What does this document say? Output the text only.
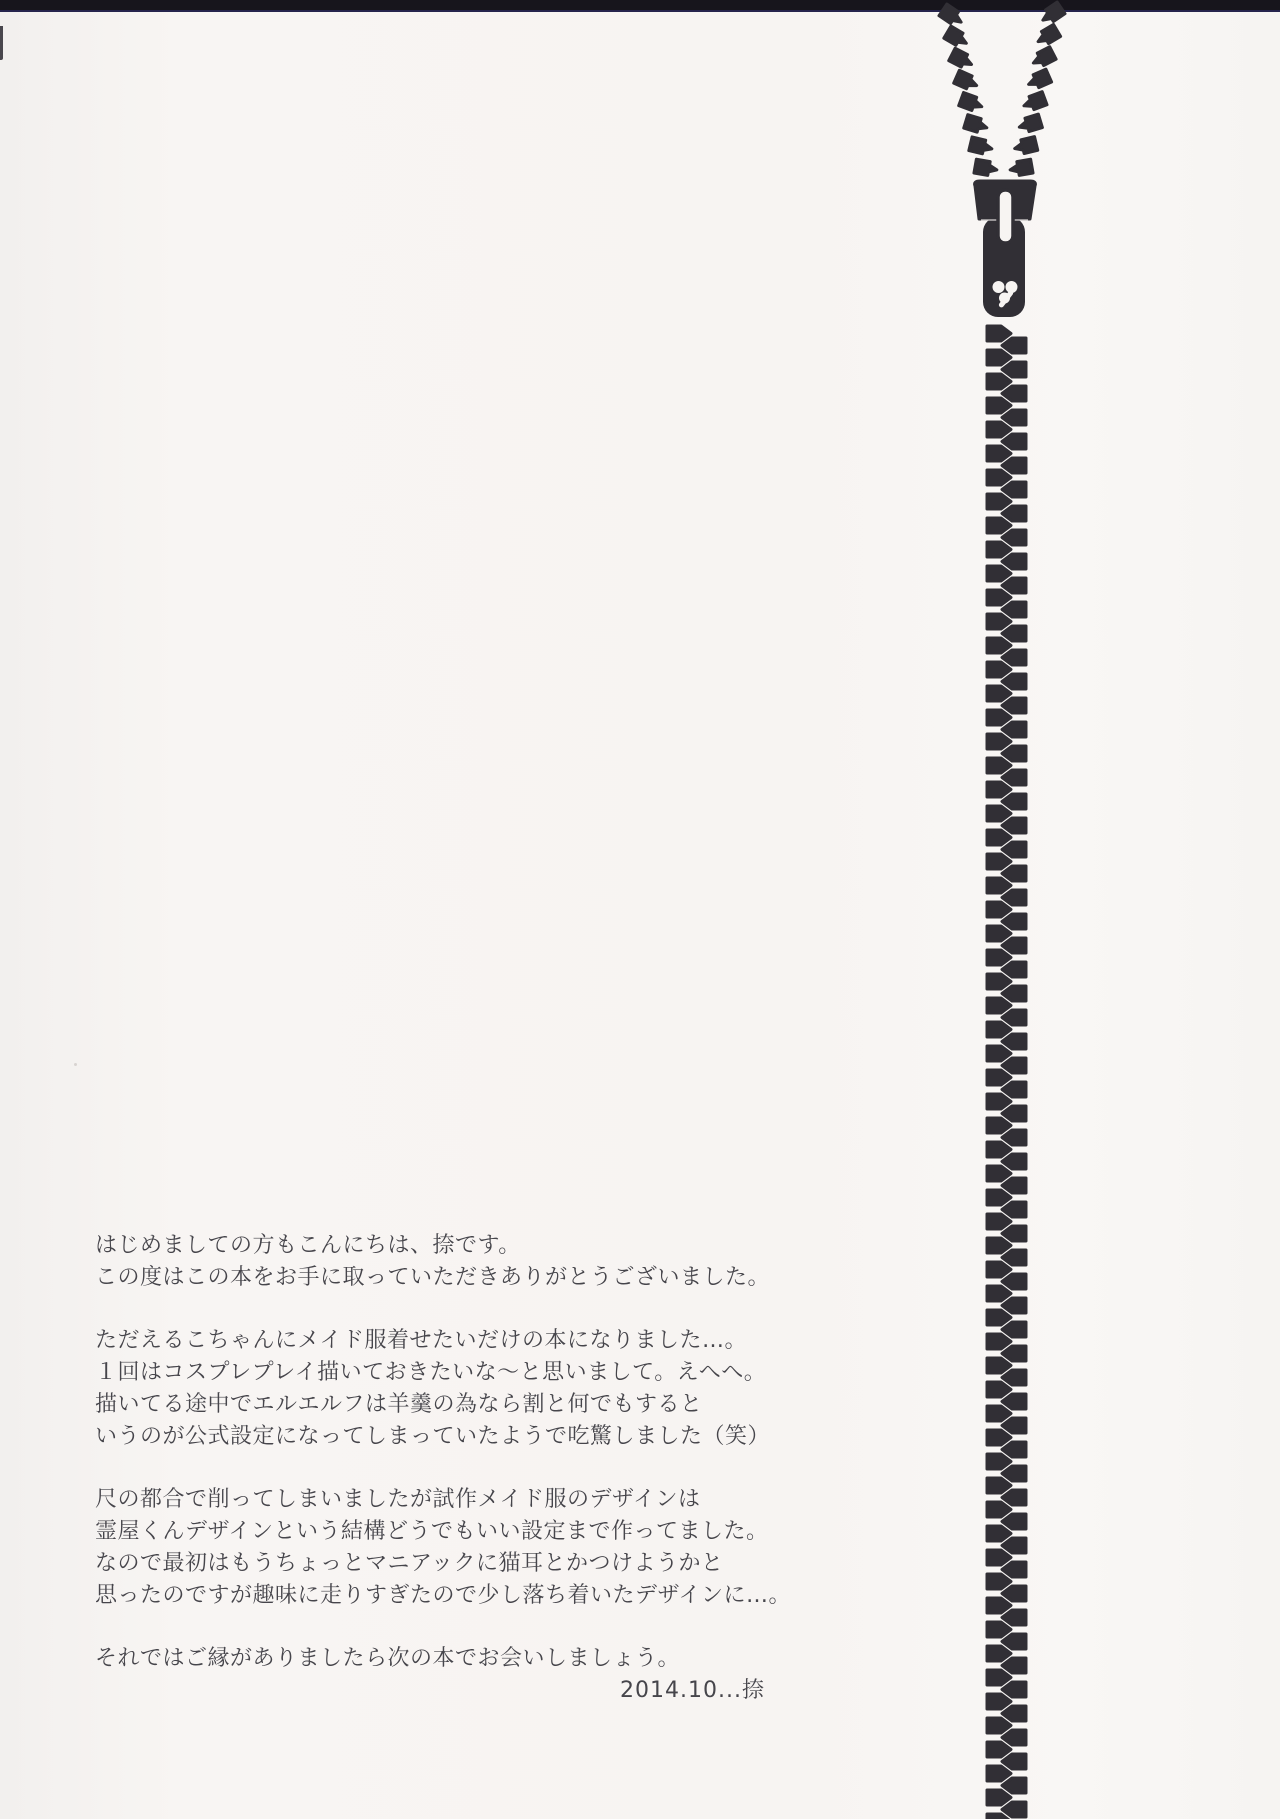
はじめましての方もこんにちは、捺です。
この度はこの本をお手に取っていただきありがとうございました。
ただえるこちゃんにメイド服着せたいだけの本になりました…。
１回はコスプレプレイ描いておきたいな～と思いまして。えへへ。
描いてる途中でエルエルフは羊羹の為なら割と何でもすると
いうのが公式設定になってしまっていたようで吃驚しました（笑）
尺の都合で削ってしまいましたが試作メイド服のデザインは
霊屋くんデザインという結構どうでもいい設定まで作ってました。
なので最初はもうちょっとマニアックに猫耳とかつけようかと
思ったのですが趣味に走りすぎたので少し落ち着いたデザインに…。
それではご縁がありましたら次の本でお会いしましょう。
2014.10...捺
